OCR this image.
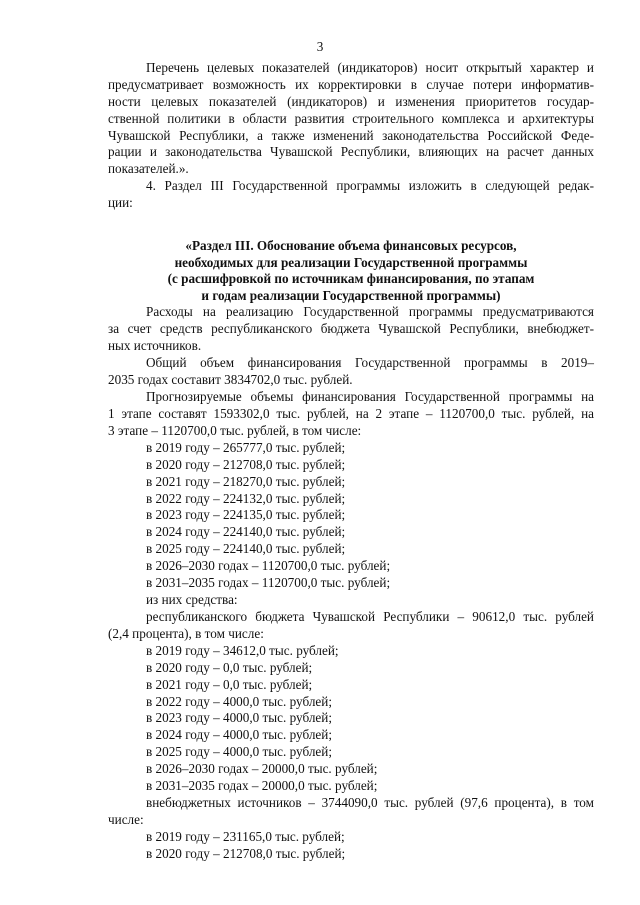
3
Перечень целевых показателей (индикаторов) носит открытый характер и
предусматривает возможность их корректировки в случае потери информатив-
ности целевых показателей (индикаторов) и изменения приоритетов государ-
ственной политики в области развития строительного комплекса и архитектуры
Чувашской Республики, а также изменений законодательства Российской Феде-
рации и законодательства Чувашской Республики, влияющих на расчет данных
показателей.».
4. Раздел III Государственной программы изложить в следующей редак-
ции:
«Раздел III. Обоснование объема финансовых ресурсов,
необходимых для реализации Государственной программы
(с расшифровкой по источникам финансирования, по этапам
и годам реализации Государственной программы)
Расходы на реализацию Государственной программы предусматриваются
за счет средств республиканского бюджета Чувашской Республики, внебюджет-
ных источников.
Общий объем финансирования Государственной программы в 2019–
2035 годах составит 3834702,0 тыс. рублей.
Прогнозируемые объемы финансирования Государственной программы на
1 этапе составят 1593302,0 тыс. рублей, на 2 этапе – 1120700,0 тыс. рублей, на
3 этапе – 1120700,0 тыс. рублей, в том числе:
в 2019 году – 265777,0 тыс. рублей;
в 2020 году – 212708,0 тыс. рублей;
в 2021 году – 218270,0 тыс. рублей;
в 2022 году – 224132,0 тыс. рублей;
в 2023 году – 224135,0 тыс. рублей;
в 2024 году – 224140,0 тыс. рублей;
в 2025 году – 224140,0 тыс. рублей;
в 2026–2030 годах – 1120700,0 тыс. рублей;
в 2031–2035 годах – 1120700,0 тыс. рублей;
из них средства:
республиканского бюджета Чувашской Республики – 90612,0 тыс. рублей
(2,4 процента), в том числе:
в 2019 году – 34612,0 тыс. рублей;
в 2020 году – 0,0 тыс. рублей;
в 2021 году – 0,0 тыс. рублей;
в 2022 году – 4000,0 тыс. рублей;
в 2023 году – 4000,0 тыс. рублей;
в 2024 году – 4000,0 тыс. рублей;
в 2025 году – 4000,0 тыс. рублей;
в 2026–2030 годах – 20000,0 тыс. рублей;
в 2031–2035 годах – 20000,0 тыс. рублей;
внебюджетных источников – 3744090,0 тыс. рублей (97,6 процента), в том
числе:
в 2019 году – 231165,0 тыс. рублей;
в 2020 году – 212708,0 тыс. рублей;
